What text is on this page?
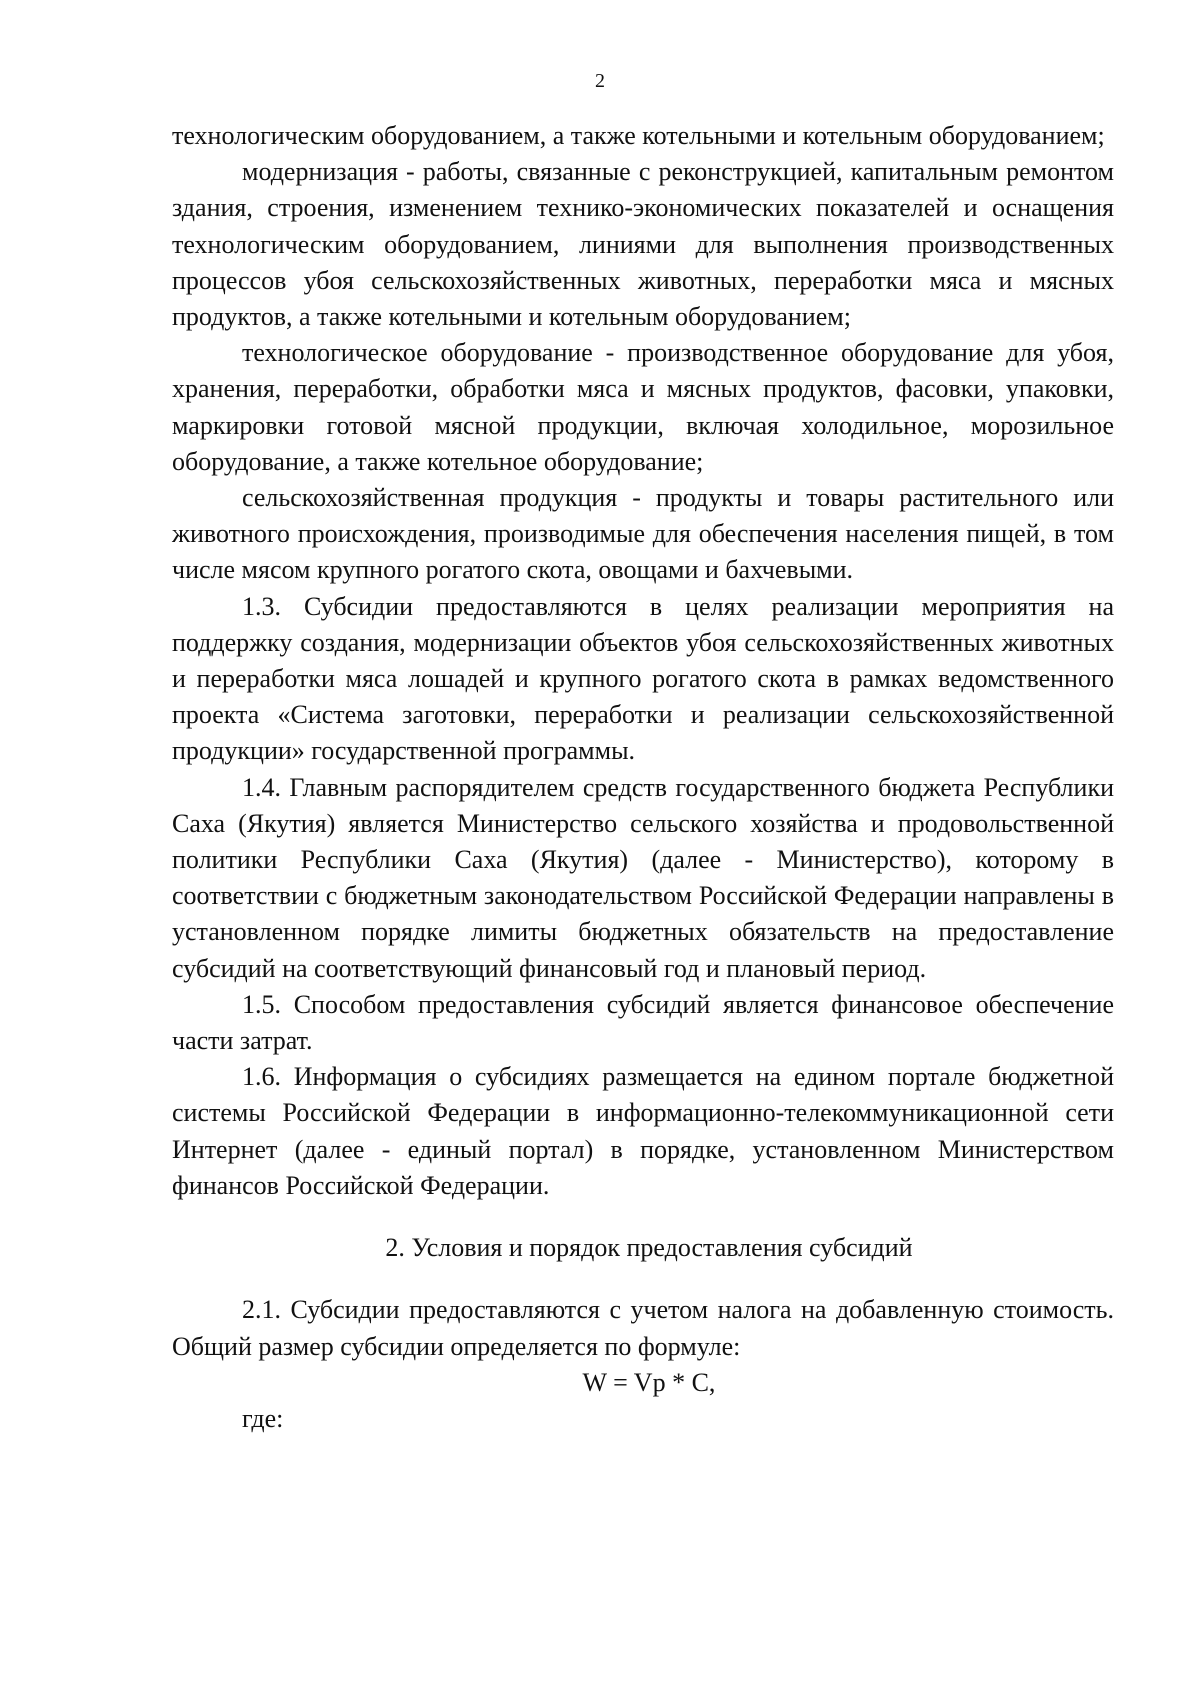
2

технологическим оборудованием, а также котельными и котельным оборудованием;

модернизация - работы, связанные с реконструкцией, капитальным ремонтом здания, строения, изменением технико-экономических показателей и оснащения технологическим оборудованием, линиями для выполнения производственных процессов убоя сельскохозяйственных животных, переработки мяса и мясных продуктов, а также котельными и котельным оборудованием;

технологическое оборудование - производственное оборудование для убоя, хранения, переработки, обработки мяса и мясных продуктов, фасовки, упаковки, маркировки готовой мясной продукции, включая холодильное, морозильное оборудование, а также котельное оборудование;

сельскохозяйственная продукция - продукты и товары растительного или животного происхождения, производимые для обеспечения населения пищей, в том числе мясом крупного рогатого скота, овощами и бахчевыми.

1.3. Субсидии предоставляются в целях реализации мероприятия на поддержку создания, модернизации объектов убоя сельскохозяйственных животных и переработки мяса лошадей и крупного рогатого скота в рамках ведомственного проекта «Система заготовки, переработки и реализации сельскохозяйственной продукции» государственной программы.

1.4. Главным распорядителем средств государственного бюджета Республики Саха (Якутия) является Министерство сельского хозяйства и продовольственной политики Республики Саха (Якутия) (далее - Министерство), которому в соответствии с бюджетным законодательством Российской Федерации направлены в установленном порядке лимиты бюджетных обязательств на предоставление субсидий на соответствующий финансовый год и плановый период.

1.5. Способом предоставления субсидий является финансовое обеспечение части затрат.

1.6. Информация о субсидиях размещается на едином портале бюджетной системы Российской Федерации в информационно-телекоммуникационной сети Интернет (далее - единый портал) в порядке, установленном Министерством финансов Российской Федерации.

2. Условия и порядок предоставления субсидий

2.1. Субсидии предоставляются с учетом налога на добавленную стоимость. Общий размер субсидии определяется по формуле:

W = Vp * C,

где:
